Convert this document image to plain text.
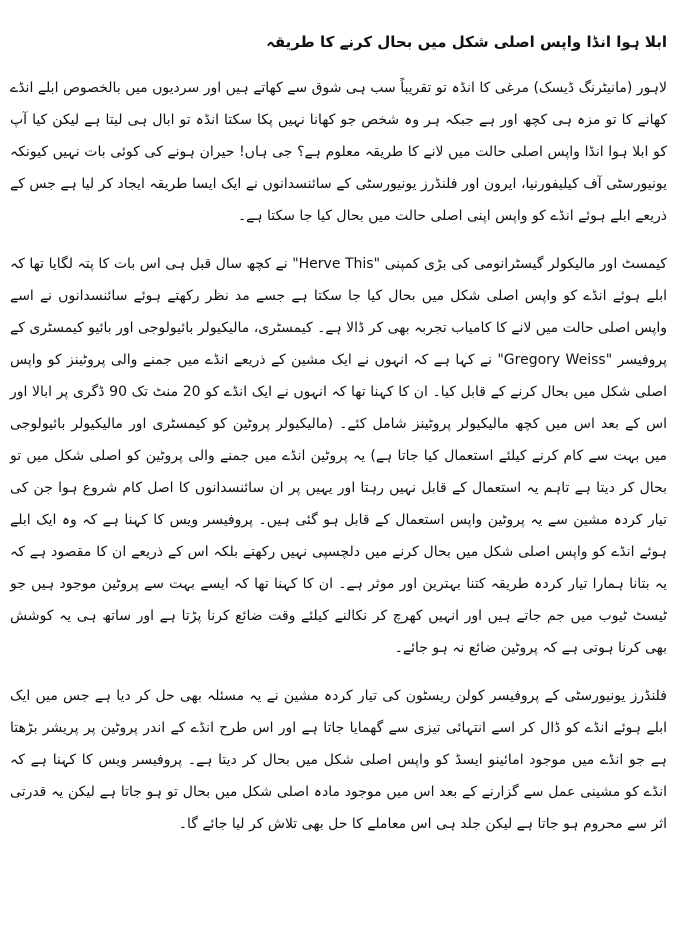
ابلا ہوا انڈا واپس اصلی شکل میں بحال کرنے کا طریقہ

لاہور (مانیٹرنگ ڈیسک) مرغی کا انڈہ تو تقریباً سب ہی شوق سے کھاتے ہیں اور سردیوں میں بالخصوص ابلے انڈے کھانے کا تو مزہ ہی کچھ اور ہے جبکہ ہر وہ شخص جو کھانا نہیں پکا سکتا انڈہ تو ابال ہی لیتا ہے لیکن کیا آپ کو ابلا ہوا انڈا واپس اصلی حالت میں لانے کا طریقہ معلوم ہے؟ جی ہاں! حیران ہونے کی کوئی بات نہیں کیونکہ یونیورسٹی آف کیلیفورنیا، ایرون اور فلنڈرز یونیورسٹی کے سائنسدانوں نے ایک ایسا طریقہ ایجاد کر لیا ہے جس کے ذریعے ابلے ہوئے انڈے کو واپس اپنی اصلی حالت میں بحال کیا جا سکتا ہے۔

کیمسٹ اور مالیکولر گیسٹرانومی کی بڑی کمپنی "Herve This" نے کچھ سال قبل ہی اس بات کا پتہ لگایا تھا کہ ابلے ہوئے انڈے کو واپس اصلی شکل میں بحال کیا جا سکتا ہے جسے مد نظر رکھتے ہوئے سائنسدانوں نے اسے واپس اصلی حالت میں لانے کا کامیاب تجربہ بھی کر ڈالا ہے۔ کیمسٹری، مالیکیولر بائیولوجی اور بائیو کیمسٹری کے پروفیسر "Gregory Weiss" نے کہا ہے کہ انہوں نے ایک مشین کے ذریعے انڈے میں جمنے والی پروٹینز کو واپس اصلی شکل میں بحال کرنے کے قابل کیا۔ ان کا کہنا تھا کہ انہوں نے ایک انڈے کو 20 منٹ تک 90 ڈگری پر ابالا اور اس کے بعد اس میں کچھ مالیکیولر پروٹینز شامل کئے۔ (مالیکیولر پروٹین کو کیمسٹری اور مالیکیولر بائیولوجی میں بہت سے کام کرنے کیلئے استعمال کیا جاتا ہے) یہ پروٹین انڈے میں جمنے والی پروٹین کو اصلی شکل میں تو بحال کر دیتا ہے تاہم یہ استعمال کے قابل نہیں رہتا اور یہیں پر ان سائنسدانوں کا اصل کام شروع ہوا جن کی تیار کردہ مشین سے یہ پروٹین واپس استعمال کے قابل ہو گئی ہیں۔ پروفیسر ویس کا کہنا ہے کہ وہ ایک ابلے ہوئے انڈے کو واپس اصلی شکل میں بحال کرنے میں دلچسپی نہیں رکھتے بلکہ اس کے ذریعے ان کا مقصود ہے کہ یہ بتانا ہمارا تیار کردہ طریقہ کتنا بہترین اور موثر ہے۔ ان کا کہنا تھا کہ ایسے بہت سے پروٹین موجود ہیں جو ٹیسٹ ٹیوب میں جم جاتے ہیں اور انہیں کھرچ کر نکالنے کیلئے وقت ضائع کرنا پڑتا ہے اور ساتھ ہی یہ کوشش بھی کرنا ہوتی ہے کہ پروٹین ضائع نہ ہو جائے۔

فلنڈرز یونیورسٹی کے پروفیسر کولن ریسٹون کی تیار کردہ مشین نے یہ مسئلہ بھی حل کر دیا ہے جس میں ایک ابلے ہوئے انڈے کو ڈال کر اسے انتہائی تیزی سے گھمایا جاتا ہے اور اس طرح انڈے کے اندر پروٹین پر پریشر بڑھتا ہے جو انڈے میں موجود امائینو ایسڈ کو واپس اصلی شکل میں بحال کر دیتا ہے۔ پروفیسر ویس کا کہنا ہے کہ انڈے کو مشینی عمل سے گزارنے کے بعد اس میں موجود مادہ اصلی شکل میں بحال تو ہو جاتا ہے لیکن یہ قدرتی اثر سے محروم ہو جاتا ہے لیکن جلد ہی اس معاملے کا حل بھی تلاش کر لیا جائے گا۔
